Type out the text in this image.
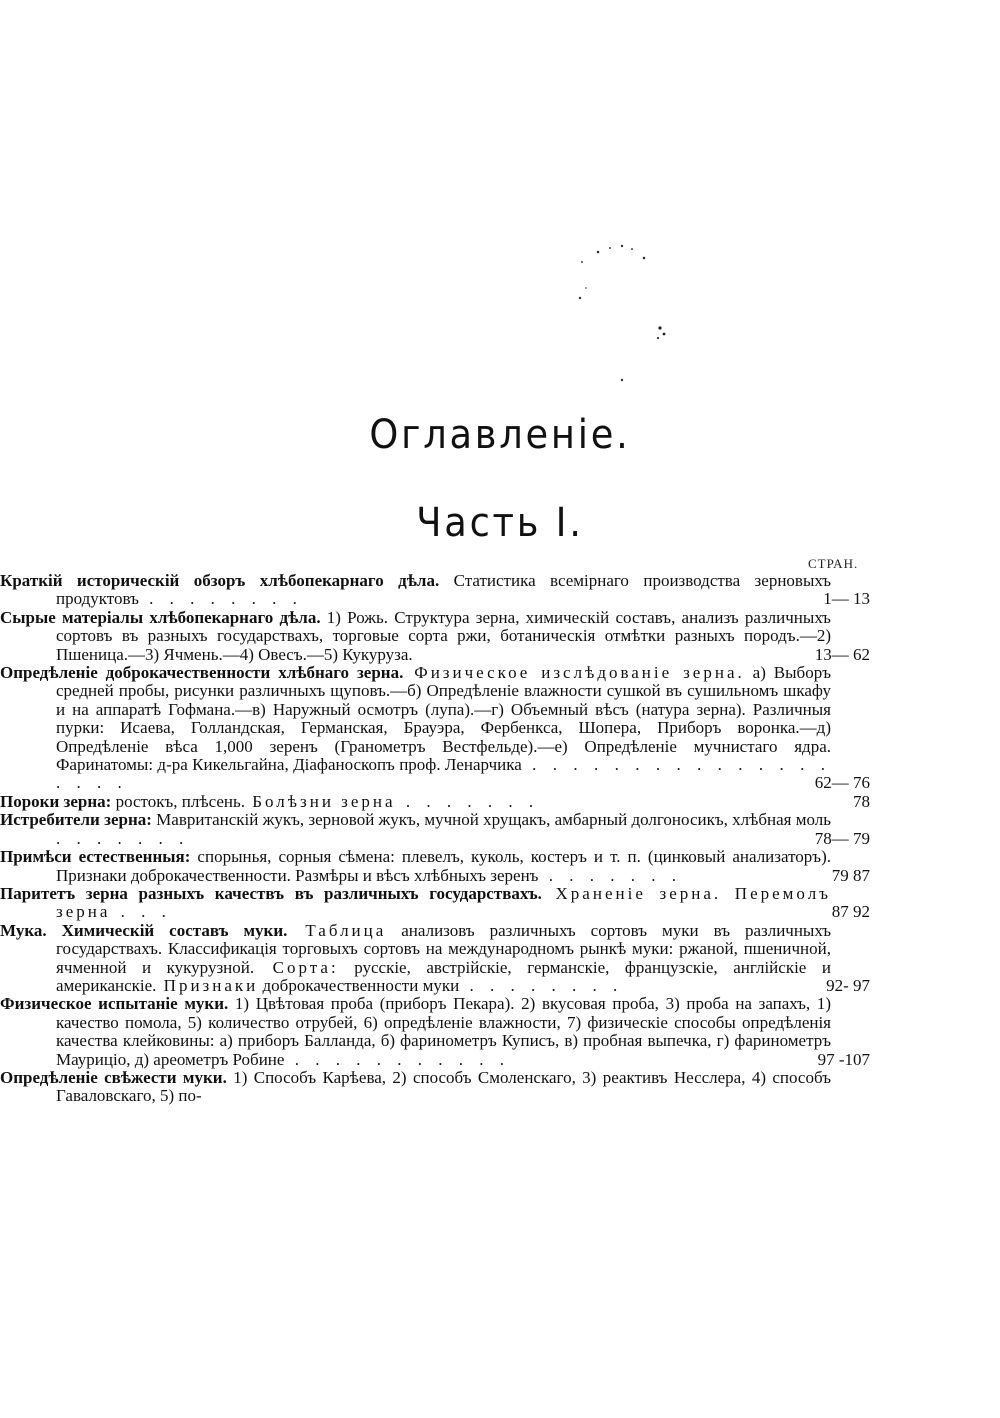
Оглавленіе.
Часть I.
СТРАН.
Краткій историческій обзоръ хлѣбопекарнаго дѣла. Статистика всемірнаго производства зерновыхъ продуктовъ . . . . . . . .	1— 13
Сырые матеріалы хлѣбопекарнаго дѣла. 1) Рожь. Структура зерна, химическій составъ, анализъ различныхъ сортовъ въ разныхъ государствахъ, торговые сорта ржи, ботаническія отмѣтки разныхъ породъ.—2) Пшеница.—3) Ячмень.—4) Овесъ.—5) Кукуруза.	13— 62
Опредѣленіе доброкачественности хлѣбнаго зерна. Физическое изслѣдованіе зерна. а) Выборъ средней пробы, рисунки различныхъ щуповъ.—б) Опредѣленіе влажности сушкой въ сушильномъ шкафу и на аппаратѣ Гофмана.—в) Наружный осмотръ (лупа).—г) Объемный вѣсъ (натура зерна). Различныя пурки: Исаева, Голландская, Германская, Брауэра, Фербенкса, Шопера, Приборъ воронка.—д) Опредѣленіе вѣса 1,000 зеренъ (Гранометръ Вестфельде).—е) Опредѣленіе мучнистаго ядра. Фаринатомы: д-ра Кикельгайна, Діафаноскопъ проф. Ленарчика . . . . . . . . . . . . . . . . . . .	62— 76
Пороки зерна: ростокъ, плѣсень. Болѣзни зерна . . . . . . .	78
Истребители зерна: Мавританскій жукъ, зерновой жукъ, мучной хрущакъ, амбарный долгоносикъ, хлѣбная моль . . . . . . .	78— 79
Примѣси естественныя: спорынья, сорныя сѣмена: плевелъ, куколь, костеръ и т. п. (цинковый анализаторъ). Признаки доброкачественности. Размѣры и вѣсъ хлѣбныхъ зеренъ . . . . . . .	79 87
Паритетъ зерна разныхъ качествъ въ различныхъ государствахъ. Храненіе зерна. Перемолъ зерна . . .	87 92
Мука. Химическій составъ муки. Таблица анализовъ различныхъ сортовъ муки въ различныхъ государствахъ. Классификація торговыхъ сортовъ на международномъ рынкѣ муки: ржаной, пшеничной, ячменной и кукурузной. Сорта: русскіе, австрійскіе, германскіе, французскіе, англійскіе и американскіе. Признаки доброкачественности муки . . . . . . . .	92- 97
Физическое испытаніе муки. 1) Цвѣтовая проба (приборъ Пекара). 2) вкусовая проба, 3) проба на запахъ, 1) качество помола, 5) количество отрубей, 6) опредѣленіе влажности, 7) физическіе способы опредѣленія качества клейковины: а) приборъ Балланда, б) фаринометръ Куписъ, в) пробная выпечка, г) фаринометръ Мауриціо, д) ареометръ Робине . . . . . . . . . . .	97 -107
Опредѣленіе свѣжести муки. 1) Способъ Карѣева, 2) способъ Смоленскаго, 3) реактивъ Несслера, 4) способъ Гаваловскаго, 5) по-
